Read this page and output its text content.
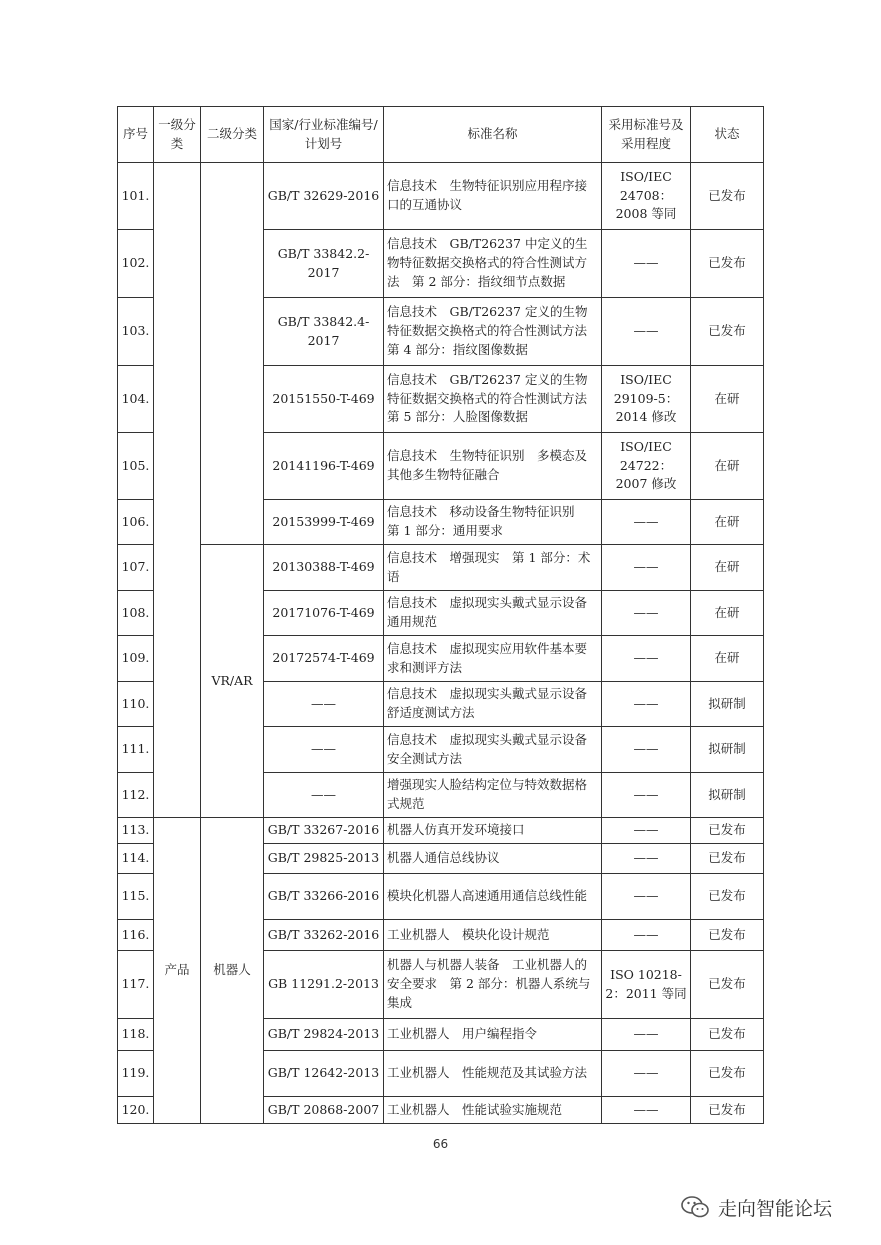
序号	一级分类	二级分类	国家/行业标准编号/计划号	标准名称	采用标准号及采用程度	状态
101.			GB/T 32629-2016	信息技术　生物特征识别应用程序接口的互通协议	ISO/IEC 24708：2008 等同	已发布
102.			GB/T 33842.2-2017	信息技术　GB/T26237 中定义的生物特征数据交换格式的符合性测试方法　第 2 部分：指纹细节点数据	——	已发布
103.			GB/T 33842.4-2017	信息技术　GB/T26237 定义的生物特征数据交换格式的符合性测试方法　第 4 部分：指纹图像数据	——	已发布
104.			20151550-T-469	信息技术　GB/T26237 定义的生物特征数据交换格式的符合性测试方法　第 5 部分：人脸图像数据	ISO/IEC 29109-5：2014 修改	在研
105.			20141196-T-469	信息技术　生物特征识别　多模态及其他多生物特征融合	ISO/IEC 24722：2007 修改	在研
106.			20153999-T-469	信息技术　移动设备生物特征识别　第 1 部分：通用要求	——	在研
107.		VR/AR	20130388-T-469	信息技术　增强现实　第 1 部分：术语	——	在研
108.			20171076-T-469	信息技术　虚拟现实头戴式显示设备通用规范	——	在研
109.			20172574-T-469	信息技术　虚拟现实应用软件基本要求和测评方法	——	在研
110.			——	信息技术　虚拟现实头戴式显示设备舒适度测试方法	——	拟研制
111.			——	信息技术　虚拟现实头戴式显示设备安全测试方法	——	拟研制
112.			——	增强现实人脸结构定位与特效数据格式规范	——	拟研制
113.	产品	机器人	GB/T 33267-2016	机器人仿真开发环境接口	——	已发布
114.			GB/T 29825-2013	机器人通信总线协议	——	已发布
115.			GB/T 33266-2016	模块化机器人高速通用通信总线性能	——	已发布
116.			GB/T 33262-2016	工业机器人　模块化设计规范	——	已发布
117.			GB 11291.2-2013	机器人与机器人装备　工业机器人的安全要求　第 2 部分：机器人系统与集成	ISO 10218-2：2011 等同	已发布
118.			GB/T 29824-2013	工业机器人　用户编程指令	——	已发布
119.			GB/T 12642-2013	工业机器人　性能规范及其试验方法	——	已发布
120.			GB/T 20868-2007	工业机器人　性能试验实施规范	——	已发布
66
走向智能论坛
